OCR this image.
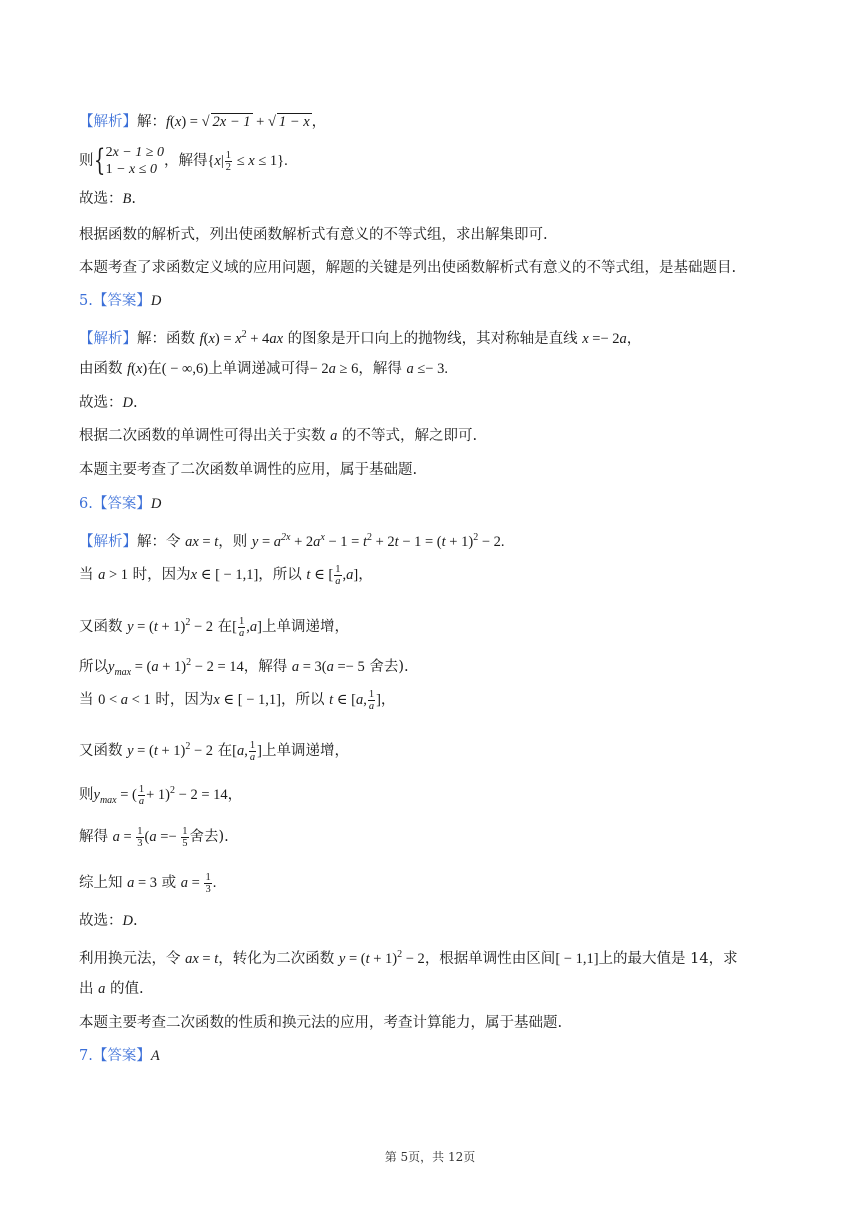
【解析】解：f(x) = √ 2x − 1 + √ 1 − x ，
则{2x − 1 ≥ 0
1 − x ≤ 0，解得$\{x| \frac{1}{2} \le x \le 1\}$.
故选：B.
根据函数的解析式，列出使函数解析式有意义的不等式组，求出解集即可.
本题考查了求函数定义域的应用问题，解题的关键是列出使函数解析式有意义的不等式组，是基础题目.
5.【答案】D
【解析】解：函数 $f(x) = x^2 + 4ax$ 的图象是开口向上的抛物线，其对称轴是直线 x =− 2a，
由函数 f(x)在( − ∞,6)上单调递减可得− 2a ≥ 6，解得 a ≤− 3.
故选：D.
根据二次函数的单调性可得出关于实数 a 的不等式，解之即可.
本题主要考查了二次函数单调性的应用，属于基础题.
6.【答案】D
【解析】解：令 ax = t，则 $y = a^{2x} + 2a^x - 1 = t^2 + 2t - 1 = (t + 1)^2 - 2$.
当 a > 1 时，因为x ∈ [ − 1,1]，所以 t ∈ [ $\frac{1}{a} ,a$]，
又函数 $y = (t + 1)^2 - 2$ 在[ $\frac{1}{a} ,a$]上单调递增，
所以$y_{max} = (a + 1)^2 - 2 = 14$，解得 a = 3(a =− 5 舍去).
当 0 < a < 1 时，因为x ∈ [ − 1,1]，所以 t ∈ [a, $\frac{1}{a}$ ]，
又函数 $y = (t + 1)^2 - 2$ 在[a, $\frac{1}{a}$ ]上单调递增，
则$y_{max}$ = ( $\frac{1}{a} + 1)^2 - 2 = 14$，
解得 $a = \frac{1}{3} (a =- \frac{1}{5}$ 舍去).
综上知 a = 3 或 $a = \frac{1}{3}$ .
故选：D.
利用换元法，令 ax = t，转化为二次函数 $y = (t + 1)^2 - 2$，根据单调性由区间[ − 1,1]上的最大值是 14，求
出 a 的值.
本题主要考查二次函数的性质和换元法的应用，考查计算能力，属于基础题.
7.【答案】A
第 5页，共 12页
